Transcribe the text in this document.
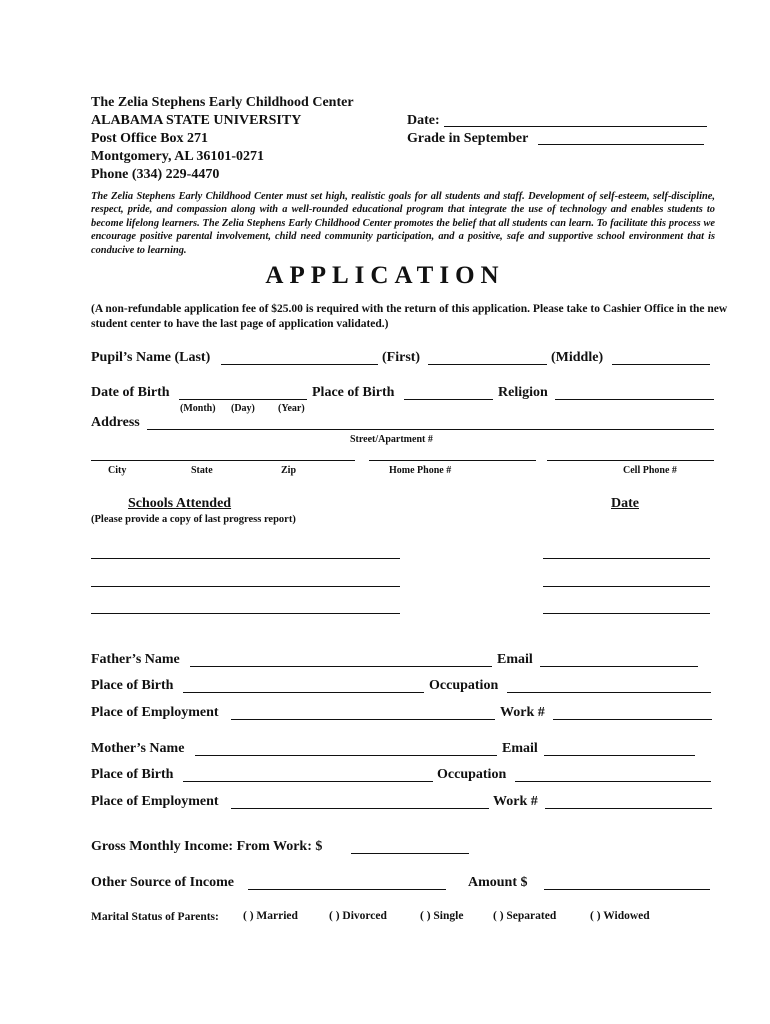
The Zelia Stephens Early Childhood Center
ALABAMA STATE UNIVERSITY
Post Office Box 271
Montgomery, AL 36101-0271
Phone (334) 229-4470
Date:
Grade in September
The Zelia Stephens Early Childhood Center must set high, realistic goals for all students and staff. Development of self-esteem, self-discipline, respect, pride, and compassion along with a well-rounded educational program that integrate the use of technology and enables students to become lifelong learners. The Zelia Stephens Early Childhood Center promotes the belief that all students can learn. To facilitate this process we encourage positive parental involvement, child need community participation, and a positive, safe and supportive school environment that is conducive to learning.
APPLICATION
(A non-refundable application fee of $25.00 is required with the return of this application. Please take to Cashier Office in the new student center to have the last page of application validated.)
Pupil’s Name (Last)	(First)	(Middle)
Date of Birth
(Month) (Day) (Year)
Place of Birth	Religion
Address
Street/Apartment #
City	State	Zip	Home Phone #	Cell Phone #
Schools Attended	Date
(Please provide a copy of last progress report)
Father’s Name	Email
Place of Birth	Occupation
Place of Employment	Work #
Mother’s Name	Email
Place of Birth	Occupation
Place of Employment	Work #
Gross Monthly Income: From Work: $
Other Source of Income	Amount $
Marital Status of Parents: ( ) Married	( ) Divorced	( ) Single	( ) Separated	( ) Widowed
